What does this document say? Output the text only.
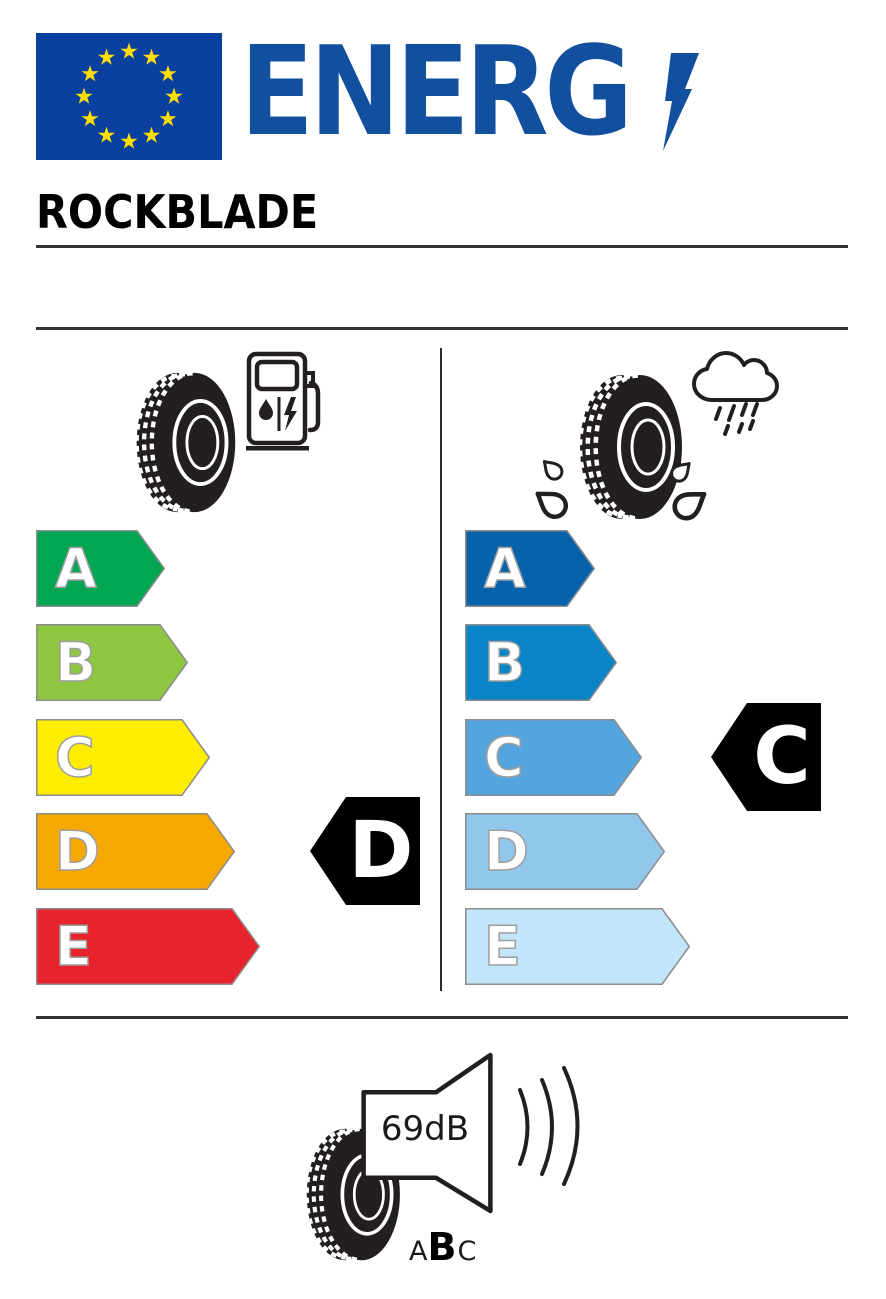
ENERG
ROCKBLADE
A
B
C
D
E
A
B
C
D
E
D
C
69dB
ABC
